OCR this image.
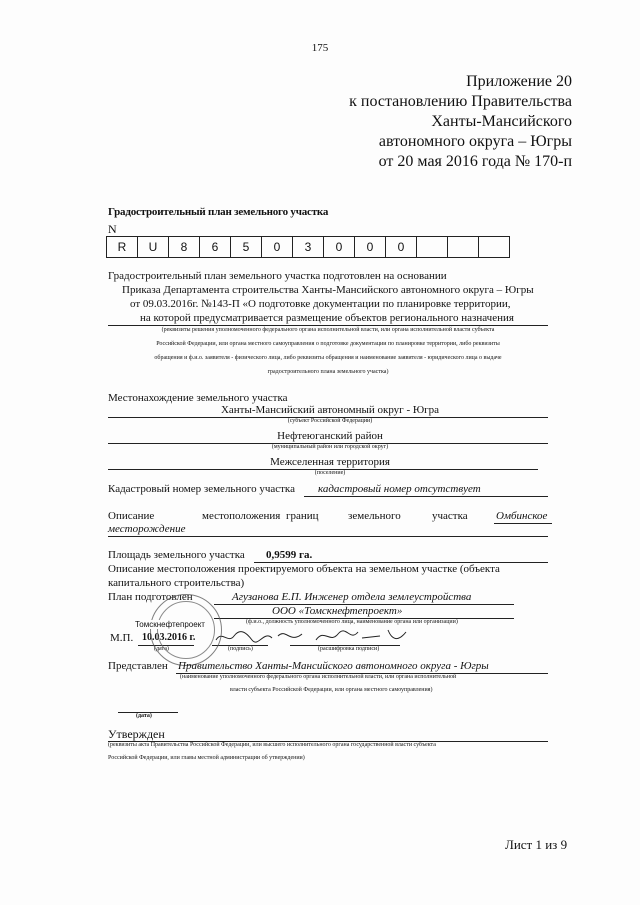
175
Приложение 20
к постановлению Правительства
Ханты-Мансийского
автономного округа – Югры
от 20 мая 2016 года № 170-п
Градостроительный план земельного участка
N
R	U	8	6	5	0	3	0	0	0			
Градостроительный план земельного участка подготовлен на основании
Приказа Департамента строительства Ханты-Мансийского автономного округа – Югры
от 09.03.2016г. №143-П «О подготовке документации по планировке территории,
на которой предусматривается размещение объектов регионального назначения
(реквизиты решения уполномоченного федерального органа исполнительной власти, или органа исполнительной власти субъекта
Российской Федерации, или органа местного самоуправления о подготовке документации по планировке территории, либо реквизиты
обращения и ф.и.о. заявителя - физического лица, либо реквизиты обращения и наименование заявителя - юридического лица о выдаче
градостроительного плана земельного участка)
Местонахождение земельного участка
Ханты-Мансийский автономный округ - Югра
(субъект Российской Федерации)
Нефтеюганский район
(муниципальный район или городской округ)
Межселенная территория
(поселение)
Кадастровый номер земельного участка кадастровый номер отсутствует
Описание	местоположения границ	земельного	участка	Омбинское
месторождение
Площадь земельного участка 0,9599 га.
Описание местоположения проектируемого объекта на земельном участке (объекта
капитального строительства)
План подготовлен	Агузанова Е.П. Инженер отдела землеустройства
ООО «Томскнефтепроект»
(ф.и.о., должность уполномоченного лица, наименование органа или организации)
М.П. 10.03.2016 г.
(дата)	(подпись)	(расшифровка подписи)
Томскнефтепроект
Представлен Правительство Ханты-Мансийского автономного округа - Югры
(наименование уполномоченного федерального органа исполнительной власти, или органа исполнительной
власти субъекта Российской Федерации, или органа местного самоуправления)
(дата)
Утвержден
(реквизиты акта Правительства Российской Федерации, или высшего исполнительного органа государственной власти субъекта
Российской Федерации, или главы местной администрации об утверждении)
Лист 1 из 9
